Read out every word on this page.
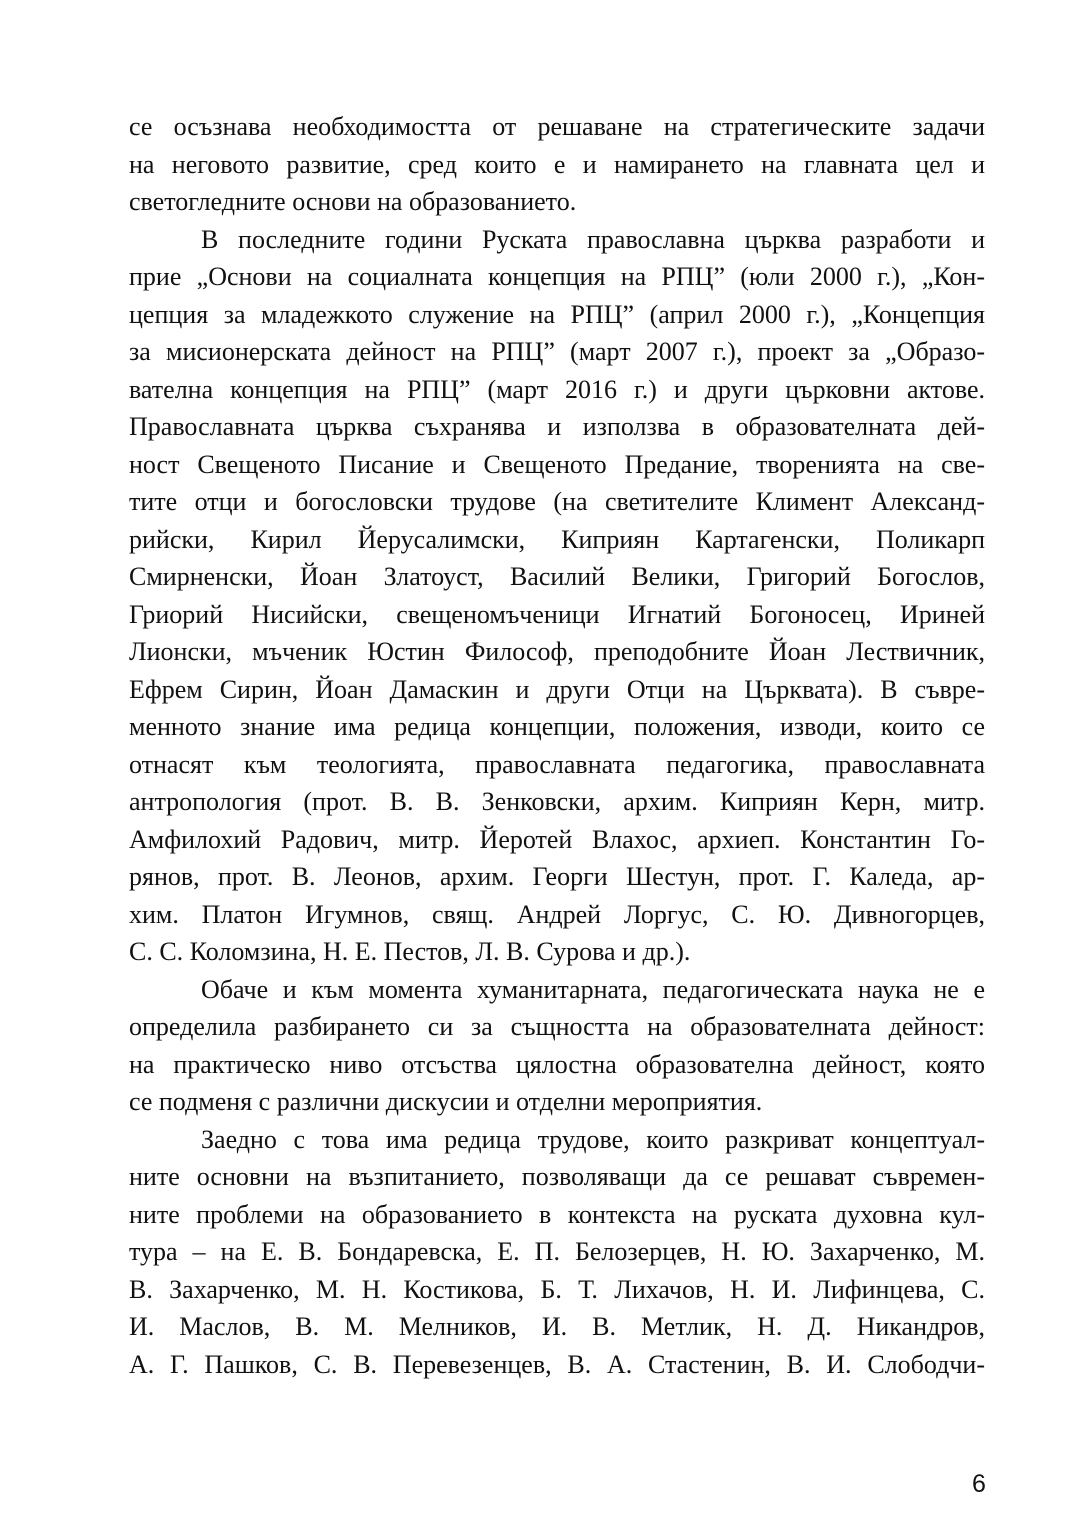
се осъзнава необходимостта от решаване на стратегическите задачи
на неговото развитие, сред които е и намирането на главната цел и
светогледните основи на образованието.
В последните години Руската православна църква разработи и
прие „Основи на социалната концепция на РПЦ” (юли 2000 г.), „Кон-
цепция за младежкото служение на РПЦ” (април 2000 г.), „Концепция
за мисионерската дейност на РПЦ” (март 2007 г.), проект за „Образо-
вателна концепция на РПЦ” (март 2016 г.) и други църковни актове.
Православната църква съхранява и използва в образователната дей-
ност Свещеното Писание и Свещеното Предание, творенията на све-
тите отци и богословски трудове (на светителите Климент Александ-
рийски, Кирил Йерусалимски, Киприян Картагенски, Поликарп
Смирненски, Йоан Златоуст, Василий Велики, Григорий Богослов,
Гриорий Нисийски, свещеномъченици Игнатий Богоносец, Ириней
Лионски, мъченик Юстин Философ, преподобните Йоан Лествичник,
Ефрем Сирин, Йоан Дамаскин и други Отци на Църквата). В съвре-
менното знание има редица концепции, положения, изводи, които се
отнасят към теологията, православната педагогика, православната
антропология (прот. В. В. Зенковски, архим. Киприян Керн, митр.
Амфилохий Радович, митр. Йеротей Влахос, архиеп. Константин Го-
рянов, прот. В. Леонов, архим. Георги Шестун, прот. Г. Каледа, ар-
хим. Платон Игумнов, свящ. Андрей Лоргус, С. Ю. Дивногорцев,
С. С. Коломзина, Н. Е. Пестов, Л. В. Сурова и др.).
Обаче и към момента хуманитарната, педагогическата наука не е
определила разбирането си за същността на образователната дейност:
на практическо ниво отсъства цялостна образователна дейност, която
се подменя с различни дискусии и отделни мероприятия.
Заедно с това има редица трудове, които разкриват концептуал-
ните основни на възпитанието, позволяващи да се решават съвремен-
ните проблеми на образованието в контекста на руската духовна кул-
тура – на Е. В. Бондаревска, Е. П. Белозерцев, Н. Ю. Захарченко, М.
В. Захарченко, М. Н. Костикова, Б. Т. Лихачов, Н. И. Лифинцева, С.
И. Маслов, В. М. Мелников, И. В. Метлик, Н. Д. Никандров,
А. Г. Пашков, С. В. Перевезенцев, В. А. Стастенин, В. И. Слободчи-
6
